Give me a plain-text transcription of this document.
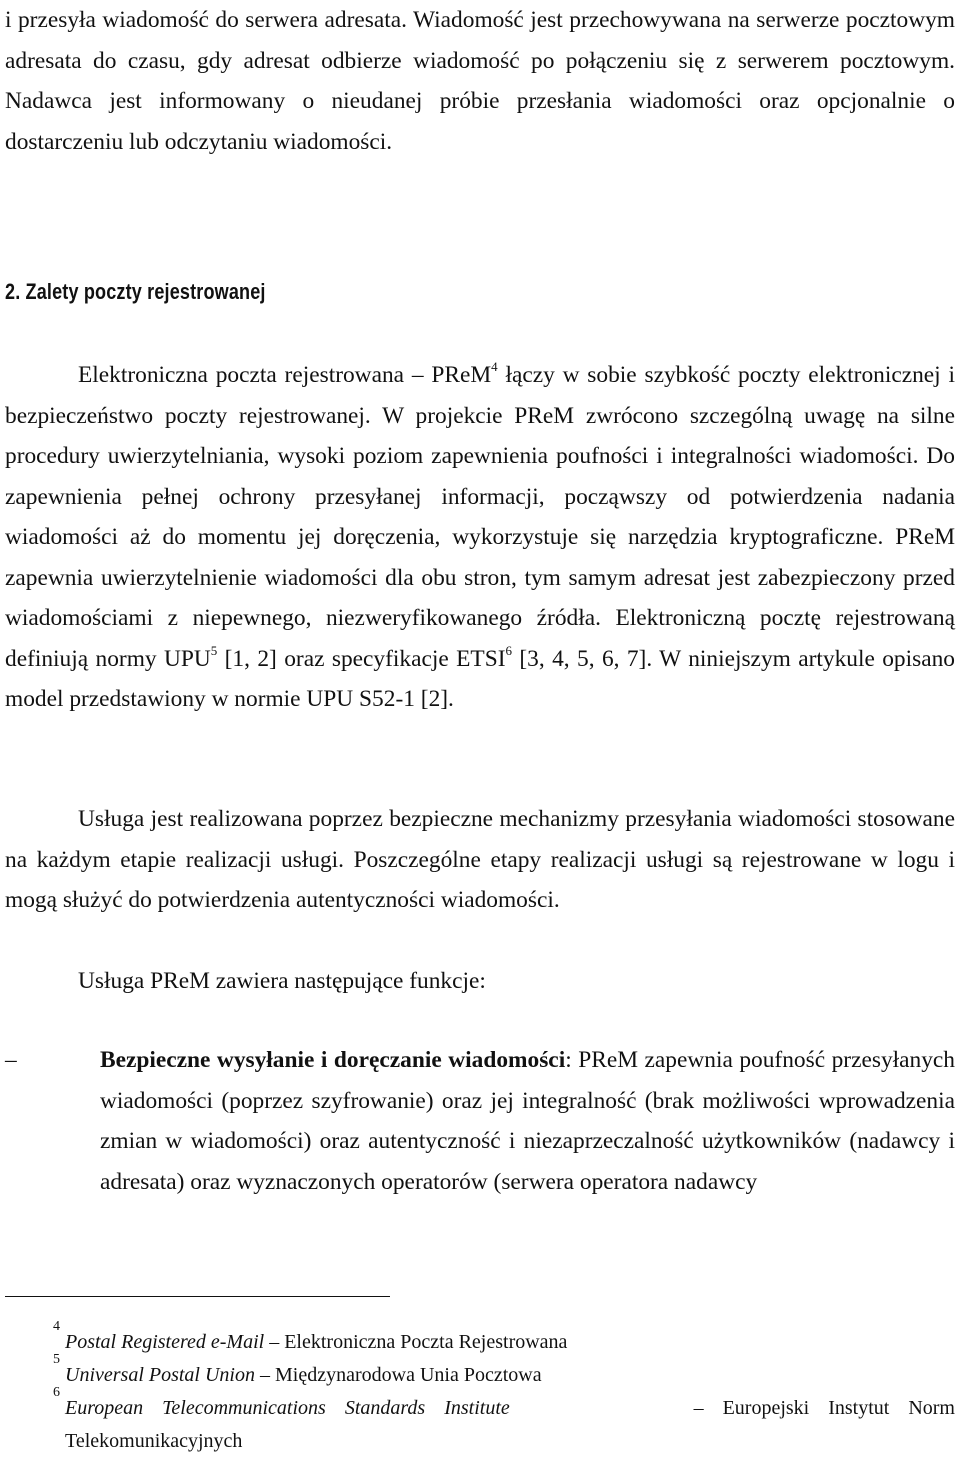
i przesyła wiadomość do serwera adresata. Wiadomość jest przechowywana na serwerze pocztowym adresata do czasu, gdy adresat odbierze wiadomość po połączeniu się z serwerem pocztowym. Nadawca jest informowany o nieudanej próbie przesłania wiadomości oraz opcjonalnie o dostarczeniu lub odczytaniu wiadomości.

2. Zalety poczty rejestrowanej

Elektroniczna poczta rejestrowana – PReM$^4$ łączy w sobie szybkość poczty elektronicznej i bezpieczeństwo poczty rejestrowanej. W projekcie PReM zwrócono szczególną uwagę na silne procedury uwierzytelniania, wysoki poziom zapewnienia poufności i integralności wiadomości. Do zapewnienia pełnej ochrony przesyłanej informacji, począwszy od potwierdzenia nadania wiadomości aż do momentu jej doręczenia, wykorzystuje się narzędzia kryptograficzne. PReM zapewnia uwierzytelnienie wiadomości dla obu stron, tym samym adresat jest zabezpieczony przed wiadomościami z niepewnego, niezweryfikowanego źródła. Elektroniczną pocztę rejestrowaną definiują normy UPU$^5$ [1, 2] oraz specyfikacje ETSI$^6$ [3, 4, 5, 6, 7]. W niniejszym artykule opisano model przedstawiony w normie UPU S52-1 [2].

Usługa jest realizowana poprzez bezpieczne mechanizmy przesyłania wiadomości stosowane na każdym etapie realizacji usługi. Poszczególne etapy realizacji usługi są rejestrowane w logu i mogą służyć do potwierdzenia autentyczności wiadomości.

Usługa PReM zawiera następujące funkcje:

–	Bezpieczne wysyłanie i doręczanie wiadomości: PReM zapewnia poufność przesyłanych wiadomości (poprzez szyfrowanie) oraz jej integralność (brak możliwości wprowadzenia zmian w wiadomości) oraz autentyczność i niezaprzeczalność użytkowników (nadawcy i adresata) oraz wyznaczonych operatorów (serwera operatora nadawcy

4
Postal Registered e-Mail – Elektroniczna Poczta Rejestrowana

5
Universal Postal Union – Międzynarodowa Unia Pocztowa

6
European Telecommunications Standards Institute	– Europejski Instytut Norm

Telekomunikacyjnych
